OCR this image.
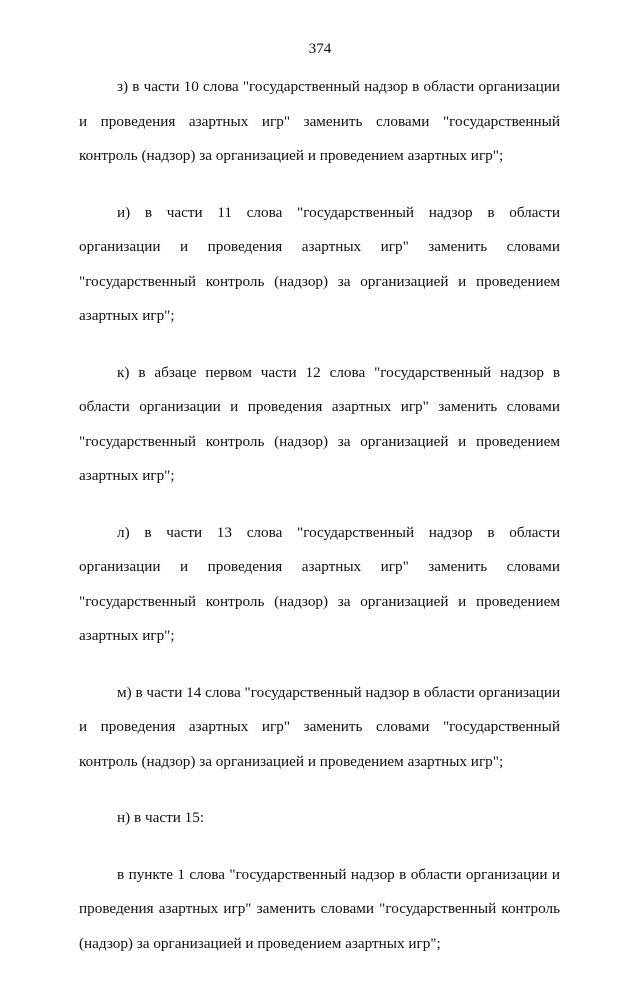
374
з) в части 10 слова "государственный надзор в области организации
и проведения азартных игр" заменить словами "государственный
контроль (надзор) за организацией и проведением азартных игр";
и) в части 11 слова "государственный надзор в области
организации и проведения азартных игр" заменить словами
"государственный контроль (надзор) за организацией и проведением
азартных игр";
к) в абзаце первом части 12 слова "государственный надзор в
области организации и проведения азартных игр" заменить словами
"государственный контроль (надзор) за организацией и проведением
азартных игр";
л) в части 13 слова "государственный надзор в области
организации и проведения азартных игр" заменить словами
"государственный контроль (надзор) за организацией и проведением
азартных игр";
м) в части 14 слова "государственный надзор в области организации
и проведения азартных игр" заменить словами "государственный
контроль (надзор) за организацией и проведением азартных игр";
н) в части 15:
в пункте 1 слова "государственный надзор в области организации и
проведения азартных игр" заменить словами "государственный контроль
(надзор) за организацией и проведением азартных игр";
